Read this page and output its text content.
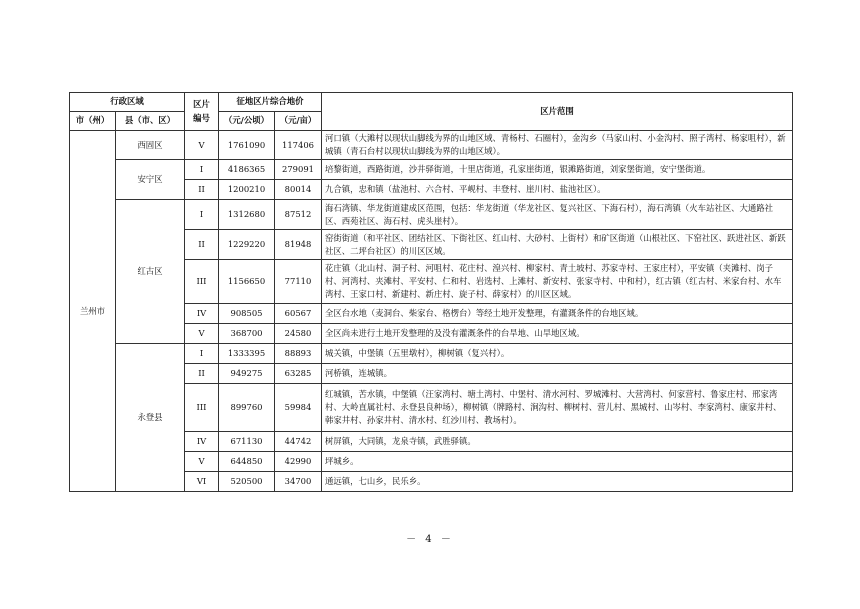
行政区域		区片
编号	征地区片综合地价		区片范围
市（州）	县（市、区）		（元/公顷）	（元/亩）	
兰州市	西固区	V	1761090	117406	河口镇（大滩村以现状山脚线为界的山地区域、青杨村、石圈村），金沟乡（马家山村、小金沟村、照子湾村、杨家咀村），新城镇（青石台村以现状山脚线为界的山地区域）。
	安宁区	I	4186365	279091	培黎街道，西路街道，沙井驿街道，十里店街道，孔家崖街道，银滩路街道，刘家堡街道，安宁堡街道。
		II	1200210	80014	九合镇，忠和镇（盐池村、六合村、平岘村、丰登村、崖川村、盐池社区）。
	红古区	I	1312680	87512	海石湾镇、华龙街道建成区范围，包括：华龙街道（华龙社区、复兴社区、下海石村），海石湾镇（火车站社区、大通路社区、西苑社区、海石村、虎头崖村）。
		II	1229220	81948	窑街街道（和平社区、团结社区、下街社区、红山村、大砂村、上街村）和矿区街道（山根社区、下窑社区、跃进社区、新跃社区、二坪台社区）的川区区域。
		III	1156650	77110	花庄镇（北山村、洞子村、河咀村、花庄村、湟兴村、柳家村、青土坡村、苏家寺村、王家庄村），平安镇（夹滩村、岗子村、河湾村、夹滩村、平安村、仁和村、岩选村、上滩村、新安村、张家寺村、中和村），红古镇（红古村、米家台村、水车湾村、王家口村、新建村、新庄村、旋子村、薛家村）的川区区域。
		IV	908505	60567	全区台水地（麦洞台、柴家台、格楞台）等经土地开发整理，有灌溉条件的台地区域。
		V	368700	24580	全区尚未进行土地开发整理的及没有灌溉条件的台旱地、山旱地区域。
	永登县	I	1333395	88893	城关镇，中堡镇（五里墩村），柳树镇（复兴村）。
		II	949275	63285	河桥镇，连城镇。
		III	899760	59984	红城镇，苦水镇，中堡镇（汪家湾村、塘土湾村、中堡村、清水河村、罗城滩村、大营湾村、何家营村、鲁家庄村、邢家湾村、大岭直属社村、永登县良种场），柳树镇（牌路村、涧沟村、柳树村、营儿村、黑城村、山岑村、李家湾村、康家井村、韩家井村、孙家井村、清水村、红沙川村、教场村）。
		IV	671130	44742	树屏镇，大同镇，龙泉寺镇，武胜驿镇。
		V	644850	42990	坪城乡。
		VI	520500	34700	通远镇，七山乡，民乐乡。
－ 4 －
